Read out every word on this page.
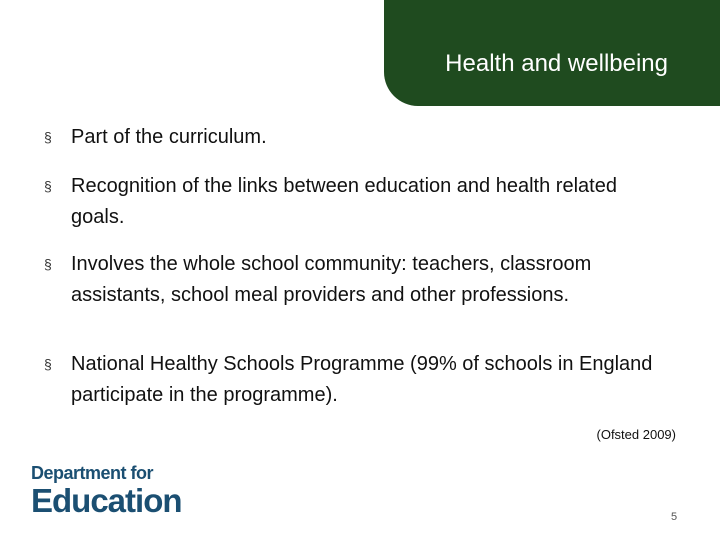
Health and wellbeing
§ Part of the curriculum.
§ Recognition of the links between education and health related goals.
§ Involves the whole school community: teachers, classroom assistants, school meal providers and other professions.
§ National Healthy Schools Programme (99% of schools in England participate in the programme).
(Ofsted 2009)
Department for
Education	5
